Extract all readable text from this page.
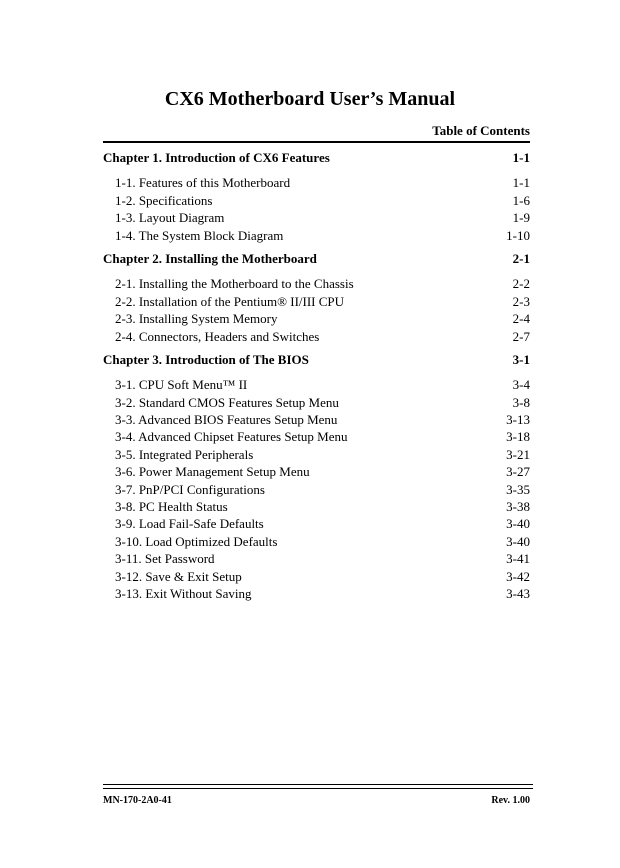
CX6 Motherboard User’s Manual
Table of Contents
Chapter 1. Introduction of CX6 Features	1-1
1-1. Features of this Motherboard	1-1
1-2. Specifications	1-6
1-3. Layout Diagram	1-9
1-4. The System Block Diagram	1-10
Chapter 2. Installing the Motherboard	2-1
2-1. Installing the Motherboard to the Chassis	2-2
2-2. Installation of the Pentium® II/III CPU	2-3
2-3. Installing System Memory	2-4
2-4. Connectors, Headers and Switches	2-7
Chapter 3. Introduction of The BIOS	3-1
3-1. CPU Soft Menu™ II	3-4
3-2. Standard CMOS Features Setup Menu	3-8
3-3. Advanced BIOS Features Setup Menu	3-13
3-4. Advanced Chipset Features Setup Menu	3-18
3-5. Integrated Peripherals	3-21
3-6. Power Management Setup Menu	3-27
3-7. PnP/PCI Configurations	3-35
3-8. PC Health Status	3-38
3-9. Load Fail-Safe Defaults	3-40
3-10. Load Optimized Defaults	3-40
3-11. Set Password	3-41
3-12. Save & Exit Setup	3-42
3-13. Exit Without Saving	3-43
MN-170-2A0-41	Rev. 1.00
